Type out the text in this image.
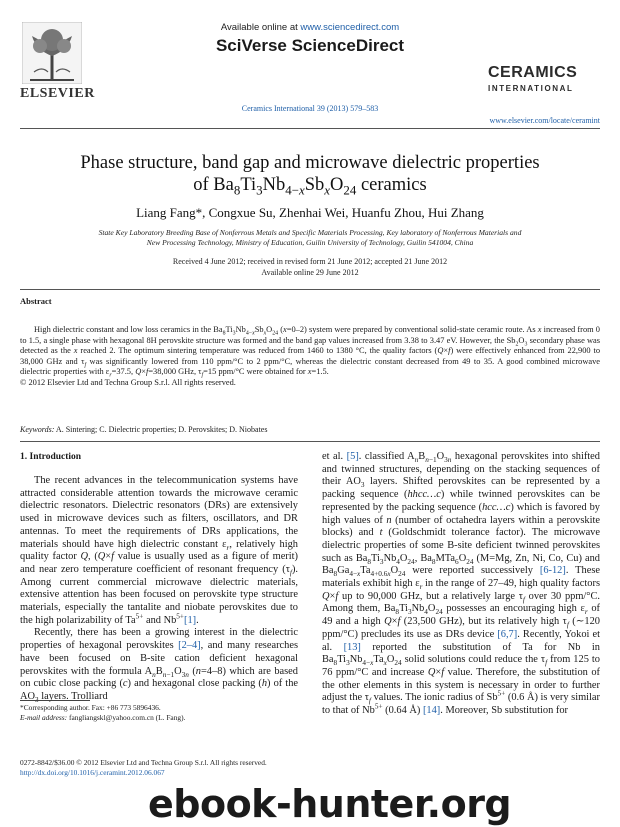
ELSEVIER
Available online at www.sciencedirect.com
SciVerse ScienceDirect
Ceramics International 39 (2013) 579–583
CERAMICS
INTERNATIONAL
www.elsevier.com/locate/ceramint
Phase structure, band gap and microwave dielectric properties
of $Ba_8Ti_3Nb_{4-x}Sb_xO_{24}$ ceramics
Liang Fang*, Congxue Su, Zhenhai Wei, Huanfu Zhou, Hui Zhang
State Key Laboratory Breeding Base of Nonferrous Metals and Specific Materials Processing, Key laboratory of Nonferrous Materials and
New Processing Technology, Ministry of Education, Guilin University of Technology, Guilin 541004, China
Received 4 June 2012; received in revised form 21 June 2012; accepted 21 June 2012
Available online 29 June 2012
Abstract

High dielectric constant and low loss ceramics in the $Ba_8Ti_3Nb_{4-x}Sb_xO_{24}$ (x=0–2) system were prepared by conventional solid-state ceramic route. As x increased from 0 to 1.5, a single phase with hexagonal 8H perovskite structure was formed and the band gap values increased from 3.38 to 3.47 eV. However, the $Sb_2O_3$ secondary phase was detected as the x reached 2. The optimum sintering temperature was reduced from 1460 to 1380 °C, the quality factors (Q×f) were effectively enhanced from 22,900 to 38,000 GHz and $\tau_f$ was significantly lowered from 110 ppm/°C to 2 ppm/°C, whereas the dielectric constant decreased from 49 to 35. A good combined microwave dielectric properties with $\varepsilon_r=37.5$, Q×f=38,000 GHz, $\tau_f=15$ ppm/°C were obtained for x=1.5.

© 2012 Elsevier Ltd and Techna Group S.r.l. All rights reserved.
Keywords: A. Sintering; C. Dielectric properties; D. Perovskites; D. Niobates
1. Introduction

The recent advances in the telecommunication systems have attracted considerable attention towards the microwave ceramic dielectric resonators. Dielectric resonators (DRs) are extensively used in microwave devices such as filters, oscillators, and DR antennas. To meet the requirements of DRs applications, the materials should have high dielectric constant $\varepsilon_r$, relatively high quality factor Q, (Q×f value is usually used as a figure of merit) and near zero temperature coefficient of resonant frequency $(\tau_f)$. Among current commercial microwave dielectric materials, extensive attention has been focused on perovskite type structure materials, especially the tantalite and niobate perovskites due to the high polarizability of $Ta^{5+}$ and $Nb^{5+}[1]$.

Recently, there has been a growing interest in the dielectric properties of hexagonal perovskites [2–4], and many researches have been focused on B-site cation deficient hexagonal perovskites with the formula $A_nB_{n-1}O_{3n}$ (n=4–8) which are based on cubic close packing (c) and hexagonal close packing (h) of the $AO_3$ layers. Trolliard

et al. [5]. classified $A_nB_{n-1}O_{3n}$ hexagonal perovskites into shifted and twinned structures, depending on the stacking sequences of their $AO_3$ layers. Shifted perovskites can be represented by a packing sequence (hhcc…c) while twinned perovskites can be represented by the packing sequence (hcc…c) which is favored by high values of n (number of octahedra layers within a perovskite blocks) and t (Goldschmidt tolerance factor). The microwave dielectric properties of some B-site deficient twinned perovskites such as $Ba_8Ti_3Nb_4O_{24}$, $Ba_8MTa_6O_{24}$ (M=Mg, Zn, Ni, Co, Cu) and $Ba_8Ga_{4-x}Ta_{4+0.6x}O_{24}$ were reported successively [6-12]. These materials exhibit high $\varepsilon_r$ in the range of 27–49, high quality factors Q×f up to 90,000 GHz, but a relatively large $\tau_f$ over 30 ppm/°C. Among them, $Ba_8Ti_3Nb_4O_{24}$ possesses an encouraging high $\varepsilon_r$ of 49 and a high Q×f (23,500 GHz), but its relatively high $\tau_f$ (∼120 ppm/°C) precludes its use as DRs device [6,7]. Recently, Yokoi et al. [13] reported the substitution of Ta for Nb in $Ba_8Ti_3Nb_{4-x}Ta_xO_{24}$ solid solutions could reduce the $\tau_f$ from 125 to 76 ppm/°C and increase Q×f value. Therefore, the substitution of the other elements in this system is necessary in order to further adjust the $\tau_f$ values. The ionic radius of $Sb^{5+}$ (0.6 Å) is very similar to that of $Nb^{5+}$ (0.64 Å) [14]. Moreover, Sb substitution for

*Corresponding author. Fax: +86 773 5896436.
E-mail address: fangliangskl@yahoo.com.cn (L. Fang).
0272-8842/$36.00 © 2012 Elsevier Ltd and Techna Group S.r.l. All rights reserved.
http://dx.doi.org/10.1016/j.ceramint.2012.06.067
ebook-hunter.org
